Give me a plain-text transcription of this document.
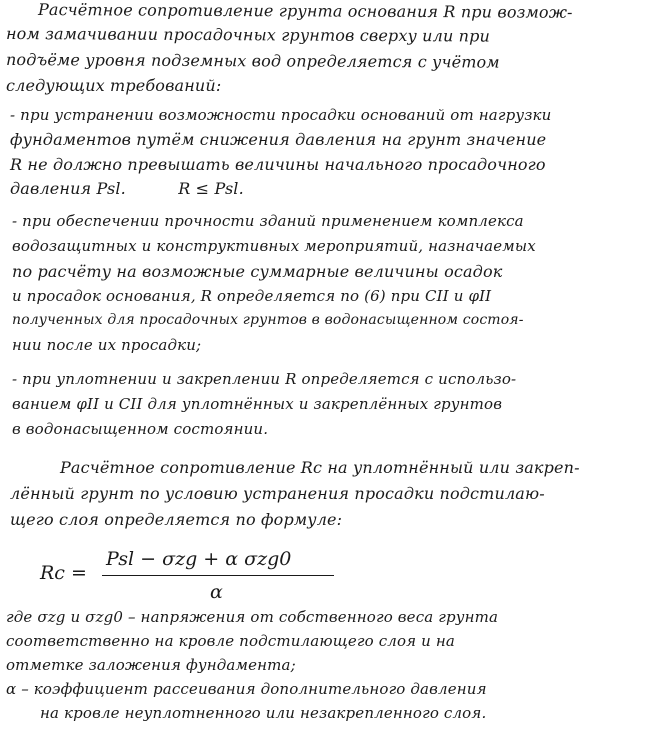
Расчётное сопротивление грунта основания R при возмож-
ном замачивании просадочных грунтов сверху или при
подъёме уровня подземных вод определяется с учётом
следующих требований:
- при устранении возможности просадки оснований от нагрузки
фундаментов путём снижения давления на грунт значение
R не должно превышать величины начального просадочного
давления Psl.          R ≤ Psl.
- при обеспечении прочности зданий применением комплекса
водозащитных и конструктивных мероприятий, назначаемых
по расчёту на возможные суммарные величины осадок
и просадок основания, R определяется по (6) при CII и φII
полученных для просадочных грунтов в водонасыщенном состоя-
нии после их просадки;
- при уплотнении и закреплении R определяется с использо-
ванием φII и CII для уплотнённых и закреплённых грунтов
в водонасыщенном состоянии.
Расчётное сопротивление Rc на уплотнённый или закреп-
лённый грунт по условию устранения просадки подстилаю-
щего слоя определяется по формуле:
Rc =
Psl − σzg + α σzg0
α
где σzg и σzg0 – напряжения от собственного веса грунта
соответственно на кровле подстилающего слоя и на
отметке заложения фундамента;
α – коэффициент рассеивания дополнительного давления
на кровле неуплотненного или незакрепленного слоя.
